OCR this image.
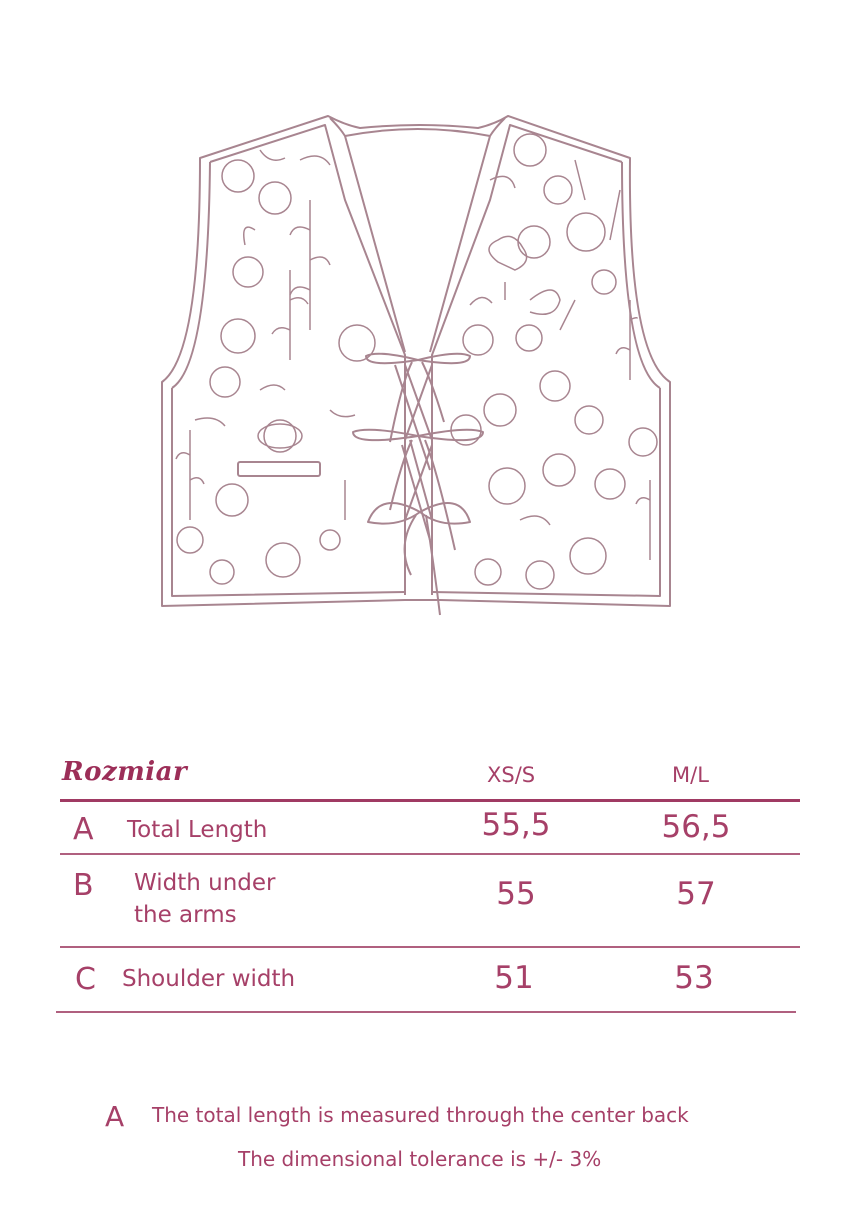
Rozmiar	XS/S	M/L
A Total Length	55,5	56,5
B Width under
the arms
55	57
C Shoulder width	51	53
A The total length is measured through the center back
The dimensional tolerance is +/- 3%
